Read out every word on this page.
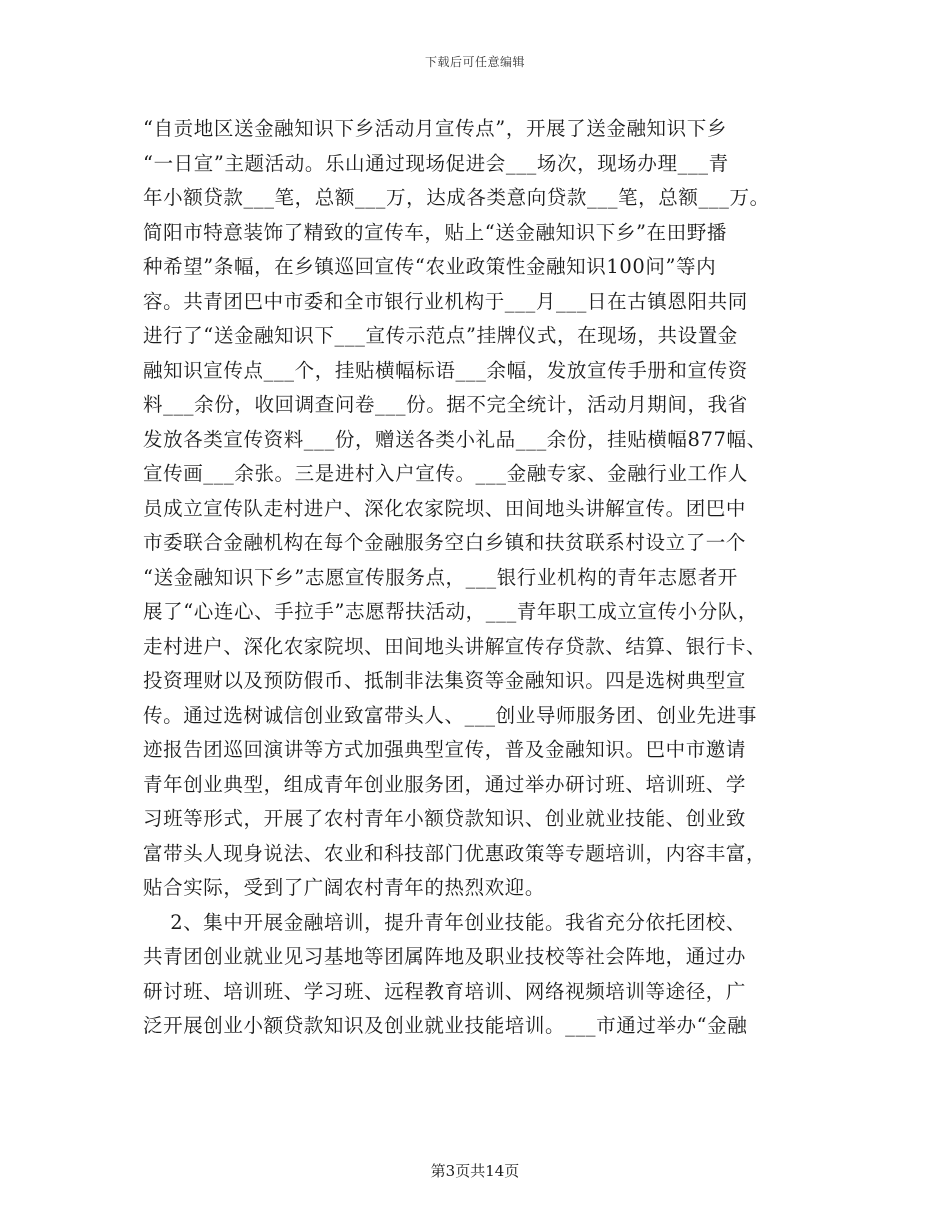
下载后可任意编辑
“自贡地区送金融知识下乡活动月宣传点”，开展了送金融知识下乡
“一日宣”主题活动。乐山通过现场促进会___场次，现场办理___青
年小额贷款___笔，总额___万，达成各类意向贷款___笔，总额___万。
简阳市特意装饰了精致的宣传车，贴上“送金融知识下乡”在田野播
种希望”条幅，在乡镇巡回宣传“农业政策性金融知识100问”等内
容。共青团巴中市委和全市银行业机构于___月___日在古镇恩阳共同
进行了“送金融知识下___宣传示范点”挂牌仪式，在现场，共设置金
融知识宣传点___个，挂贴横幅标语___余幅，发放宣传手册和宣传资
料___余份，收回调查问卷___份。据不完全统计，活动月期间，我省
发放各类宣传资料___份，赠送各类小礼品___余份，挂贴横幅877幅、
宣传画___余张。三是进村入户宣传。___金融专家、金融行业工作人
员成立宣传队走村进户、深化农家院坝、田间地头讲解宣传。团巴中
市委联合金融机构在每个金融服务空白乡镇和扶贫联系村设立了一个
“送金融知识下乡”志愿宣传服务点，___银行业机构的青年志愿者开
展了“心连心、手拉手”志愿帮扶活动，___青年职工成立宣传小分队，
走村进户、深化农家院坝、田间地头讲解宣传存贷款、结算、银行卡、
投资理财以及预防假币、抵制非法集资等金融知识。四是选树典型宣
传。通过选树诚信创业致富带头人、___创业导师服务团、创业先进事
迹报告团巡回演讲等方式加强典型宣传，普及金融知识。巴中市邀请
青年创业典型，组成青年创业服务团，通过举办研讨班、培训班、学
习班等形式，开展了农村青年小额贷款知识、创业就业技能、创业致
富带头人现身说法、农业和科技部门优惠政策等专题培训，内容丰富，
贴合实际，受到了广阔农村青年的热烈欢迎。
2、集中开展金融培训，提升青年创业技能。我省充分依托团校、
共青团创业就业见习基地等团属阵地及职业技校等社会阵地，通过办
研讨班、培训班、学习班、远程教育培训、网络视频培训等途径，广
泛开展创业小额贷款知识及创业就业技能培训。___市通过举办“金融
第3页共14页
